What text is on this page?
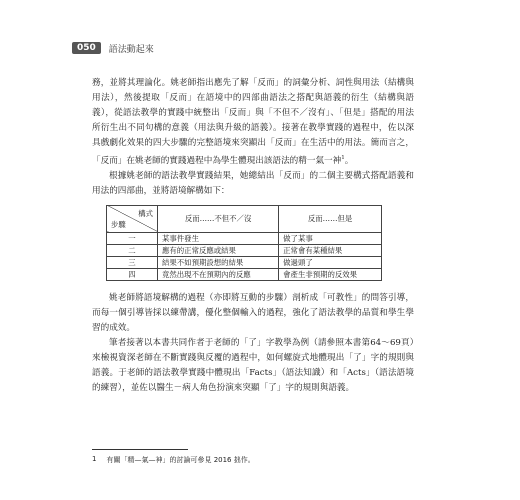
050	語法動起來

務，並將其理論化。姚老師指出應先了解「反而」的詞彙分析、詞性與用法（結構與用法），然後提取「反而」在語境中的四部曲語法之搭配與語義的衍生（結構與語義），從語法教學的實踐中統整出「反而」與「不但不／沒有」、「但是」搭配的用法所衍生出不同句構的意義（用法與升級的語義）。接著在教學實踐的過程中，佐以深具戲劇化效果的四大步驟的完整語境來突顯出「反而」在生活中的用法。簡而言之，「反而」在姚老師的實踐過程中為學生體現出該語法的精一氣一神$^1$。

根據姚老師的語法教學實踐結果，她總結出「反而」的二個主要構式搭配語義和用法的四部曲，並將語境解構如下：

構式
步驟	反而……不但不／沒	反而……但是
一	某事件發生	做了某事
二	應有的正常反應或結果	正常會有某種結果
三	結果不如預期設想的結果	做過頭了
四	竟然出現不在預期內的反應	會產生非預期的反效果

姚老師將語境解構的過程（亦即將互動的步驟）剖析成「可教性」的問答引導，而每一個引導皆採以練帶講，優化整個輸入的過程，強化了語法教學的品質和學生學習的成效。

筆者接著以本書共同作者于老師的「了」字教學為例（請參照本書第64～69頁）來檢視資深老師在不斷實踐與反覆的過程中，如何螺旋式地體現出「了」字的規則與語義。于老師的語法教學實踐中體現出「Facts」（語法知識）和「Acts」（語法語境的練習），並佐以醫生－病人角色扮演來突顯「了」字的規則與語義。

1 有關「精—氣—神」的討論可參見 2016 拙作。
